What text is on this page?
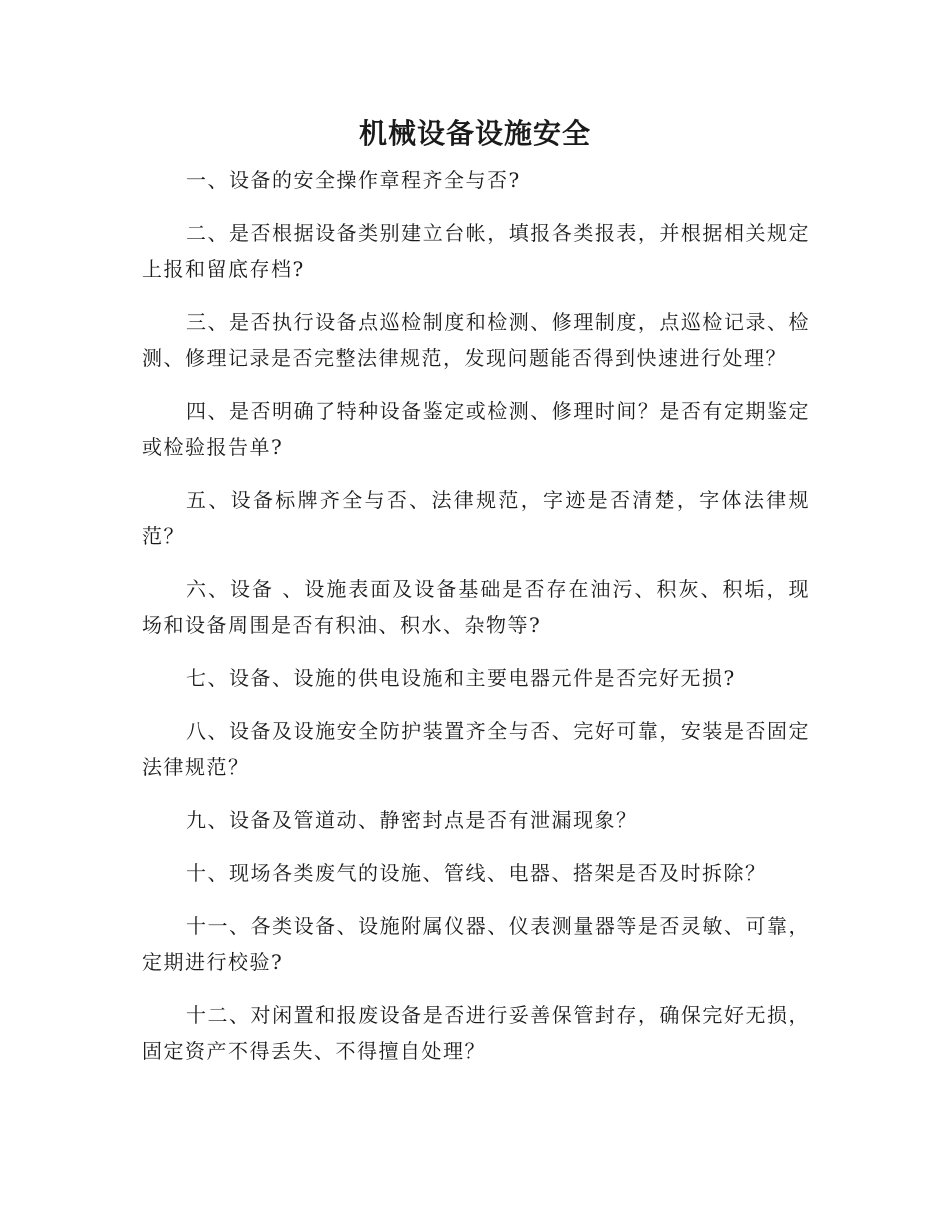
机械设备设施安全

一、设备的安全操作章程齐全与否?

二、是否根据设备类别建立台帐，填报各类报表，并根据相关规定上报和留底存档?

三、是否执行设备点巡检制度和检测、修理制度，点巡检记录、检测、修理记录是否完整法律规范，发现问题能否得到快速进行处理？

四、是否明确了特种设备鉴定或检测、修理时间？是否有定期鉴定或检验报告单?

五、设备标牌齐全与否、法律规范，字迹是否清楚，字体法律规范？

六、设备 、设施表面及设备基础是否存在油污、积灰、积垢，现场和设备周围是否有积油、积水、杂物等?

七、设备、设施的供电设施和主要电器元件是否完好无损?

八、设备及设施安全防护装置齐全与否、完好可靠，安装是否固定法律规范？

九、设备及管道动、静密封点是否有泄漏现象？

十、现场各类废气的设施、管线、电器、搭架是否及时拆除？

十一、各类设备、设施附属仪器、仪表测量器等是否灵敏、可靠，定期进行校验?

十二、对闲置和报废设备是否进行妥善保管封存，确保完好无损，固定资产不得丢失、不得擅自处理？
